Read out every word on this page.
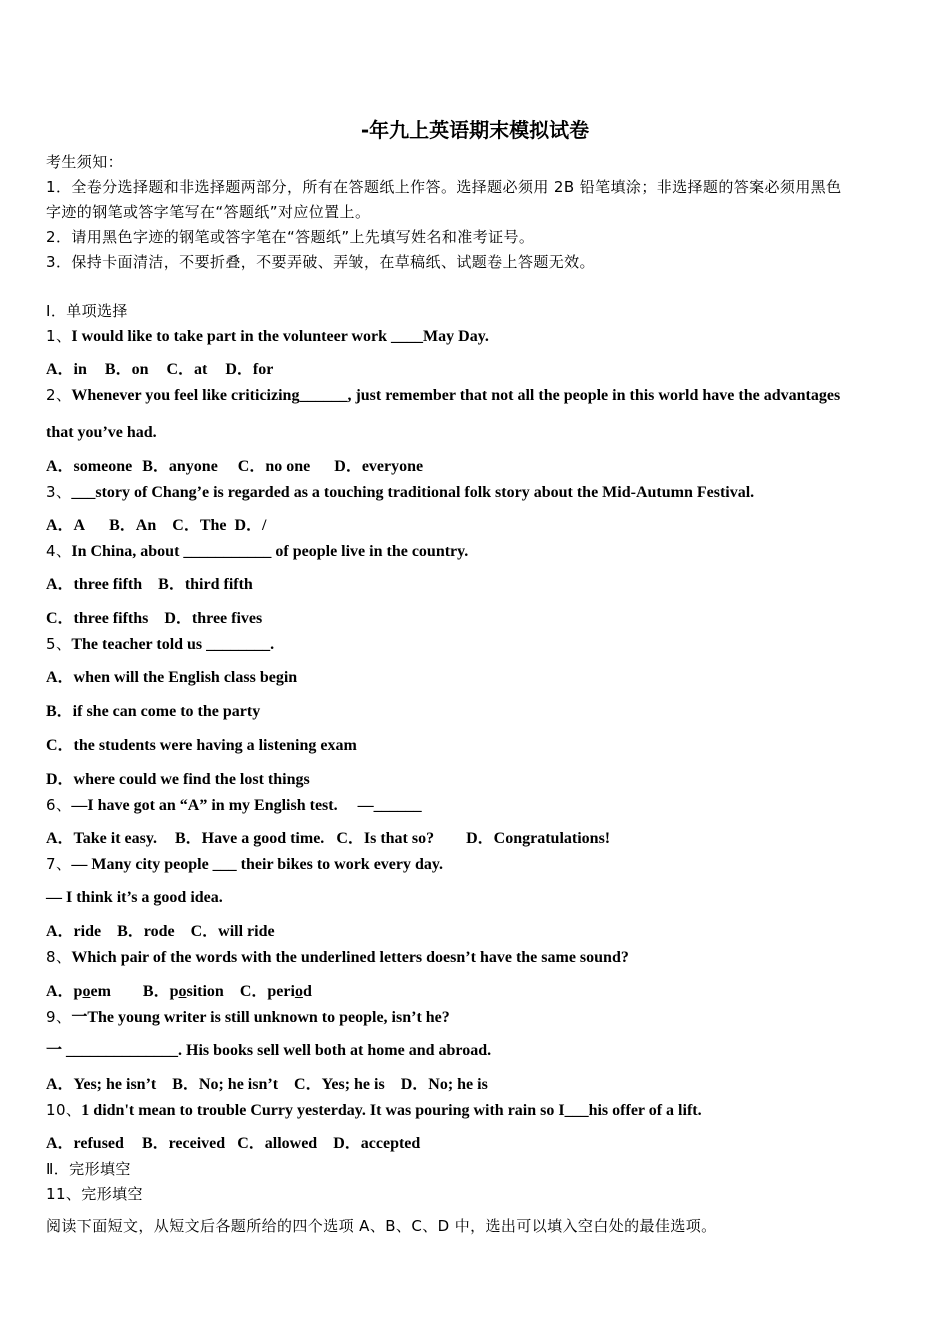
-年九上英语期末模拟试卷
考生须知：
1．全卷分选择题和非选择题两部分，所有在答题纸上作答。选择题必须用 2B 铅笔填涂；非选择题的答案必须用黑色
字迹的钢笔或答字笔写在“答题纸”对应位置上。
2．请用黑色字迹的钢笔或答字笔在“答题纸”上先填写姓名和准考证号。
3．保持卡面清洁，不要折叠，不要弄破、弄皱，在草稿纸、试题卷上答题无效。
Ⅰ．单项选择
1、I would like to take part in the volunteer work ____May Day.
A．in B．on C．at D．for
2、Whenever you feel like criticizing______, just remember that not all the people in this world have the advantages
that you’ve had.
A．someone B．anyone C．no one D．everyone
3、___story of Chang’e is regarded as a touching traditional folk story about the Mid-Autumn Festival.
A．A B．An C．The D．/
4、In China, about ___________ of people live in the country.
A．three fifth B．third fifth
C．three fifths D．three fives
5、The teacher told us ________.
A．when will the English class begin
B．if she can come to the party
C．the students were having a listening exam
D．where could we find the lost things
6、—I have got an “A” in my English test.     —______
A．Take it easy. B．Have a good time. C．Is that so? D．Congratulations!
7、— Many city people ___ their bikes to work every day.
— I think it’s a good idea.
A．ride B．rode C．will ride
8、Which pair of the words with the underlined letters doesn’t have the same sound?
A．poem B．position C．period
9、一The young writer is still unknown to people, isn’t he?
一 ______________. His books sell well both at home and abroad.
A．Yes; he isn’t B．No; he isn’t C．Yes; he is D．No; he is
10、1 didn't mean to trouble Curry yesterday. It was pouring with rain so I___his offer of a lift.
A．refused B．received C．allowed D．accepted
Ⅱ．完形填空
11、完形填空
阅读下面短文，从短文后各题所给的四个选项 A、B、C、D 中，选出可以填入空白处的最佳选项。
